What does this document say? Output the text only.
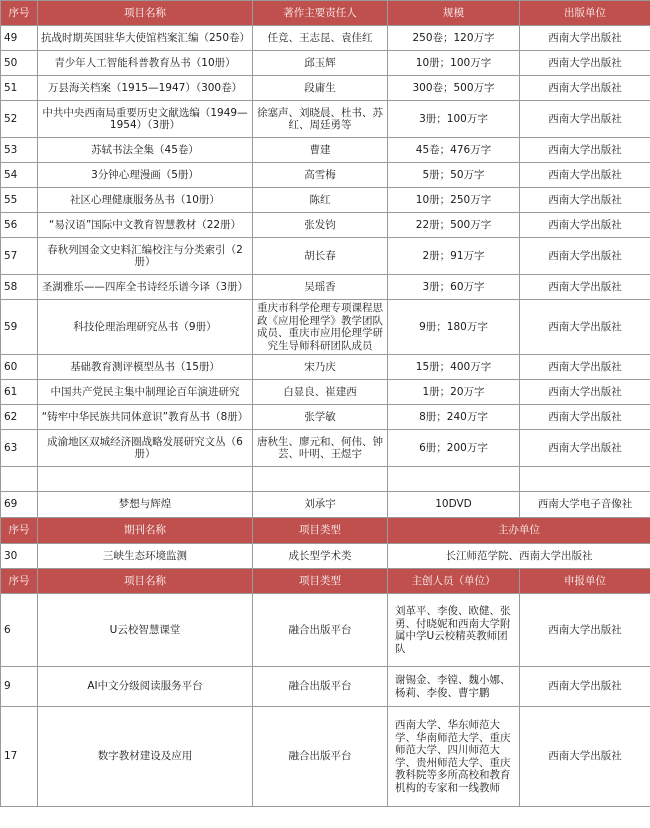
序号	项目名称	著作主要责任人	规模	出版单位
49	抗战时期英国驻华大使馆档案汇编（250卷）	任竞、王志昆、袁佳红	250卷；120万字	西南大学出版社
50	青少年人工智能科普教育丛书（10册）	邱玉辉	10册；100万字	西南大学出版社
51	万县海关档案（1915—1947）（300卷）	段庸生	300卷；500万字	西南大学出版社
52	中共中央西南局重要历史文献选编（1949—1954）（3册）	徐塞声、刘晓晨、杜书、苏红、周廷勇等	3册；100万字	西南大学出版社
53	苏轼书法全集（45卷）	曹建	45卷；476万字	西南大学出版社
54	3分钟心理漫画（5册）	高雪梅	5册；50万字	西南大学出版社
55	社区心理健康服务丛书（10册）	陈红	10册；250万字	西南大学出版社
56	“易汉语”国际中文教育智慧教材（22册）	张发钧	22册；500万字	西南大学出版社
57	春秋列国金文史料汇编校注与分类索引（2册）	胡长春	2册；91万字	西南大学出版社
58	圣湖雅乐——四库全书诗经乐谱今译（3册）	吴瑶香	3册；60万字	西南大学出版社
59	科技伦理治理研究丛书（9册）	重庆市科学伦理专项课程思政《应用伦理学》教学团队成员、重庆市应用伦理学研究生导师科研团队成员	9册；180万字	西南大学出版社
60	基础教育测评模型丛书（15册）	宋乃庆	15册；400万字	西南大学出版社
61	中国共产党民主集中制理论百年演进研究	白显良、崔建西	1册；20万字	西南大学出版社
62	“铸牢中华民族共同体意识”教育丛书（8册）	张学敏	8册；240万字	西南大学出版社
63	成渝地区双城经济圈战略发展研究文丛（6册）	唐秋生、廖元和、何伟、钟芸、叶明、王煜宇	6册；200万字	西南大学出版社

69	梦想与辉煌	刘承宇	10DVD	西南大学电子音像社
序号	期刊名称	项目类型	主办单位	
30	三峡生态环境监测	成长型学术类	长江师范学院、西南大学出版社	
序号	项目名称	项目类型	主创人员（单位）	申报单位
6	U云校智慧课堂	融合出版平台	刘革平、李俊、欧健、张勇、付晓妮和西南大学附属中学U云校精英教师团队	西南大学出版社
9	AI中文分级阅读服务平台	融合出版平台	谢锡金、李镗、魏小娜、杨莉、李俊、曹宇鹏	西南大学出版社
17	数字教材建设及应用	融合出版平台	西南大学、华东师范大学、华南师范大学、重庆师范大学、四川师范大学、贵州师范大学、重庆教科院等多所高校和教育机构的专家和一线教师	西南大学出版社
